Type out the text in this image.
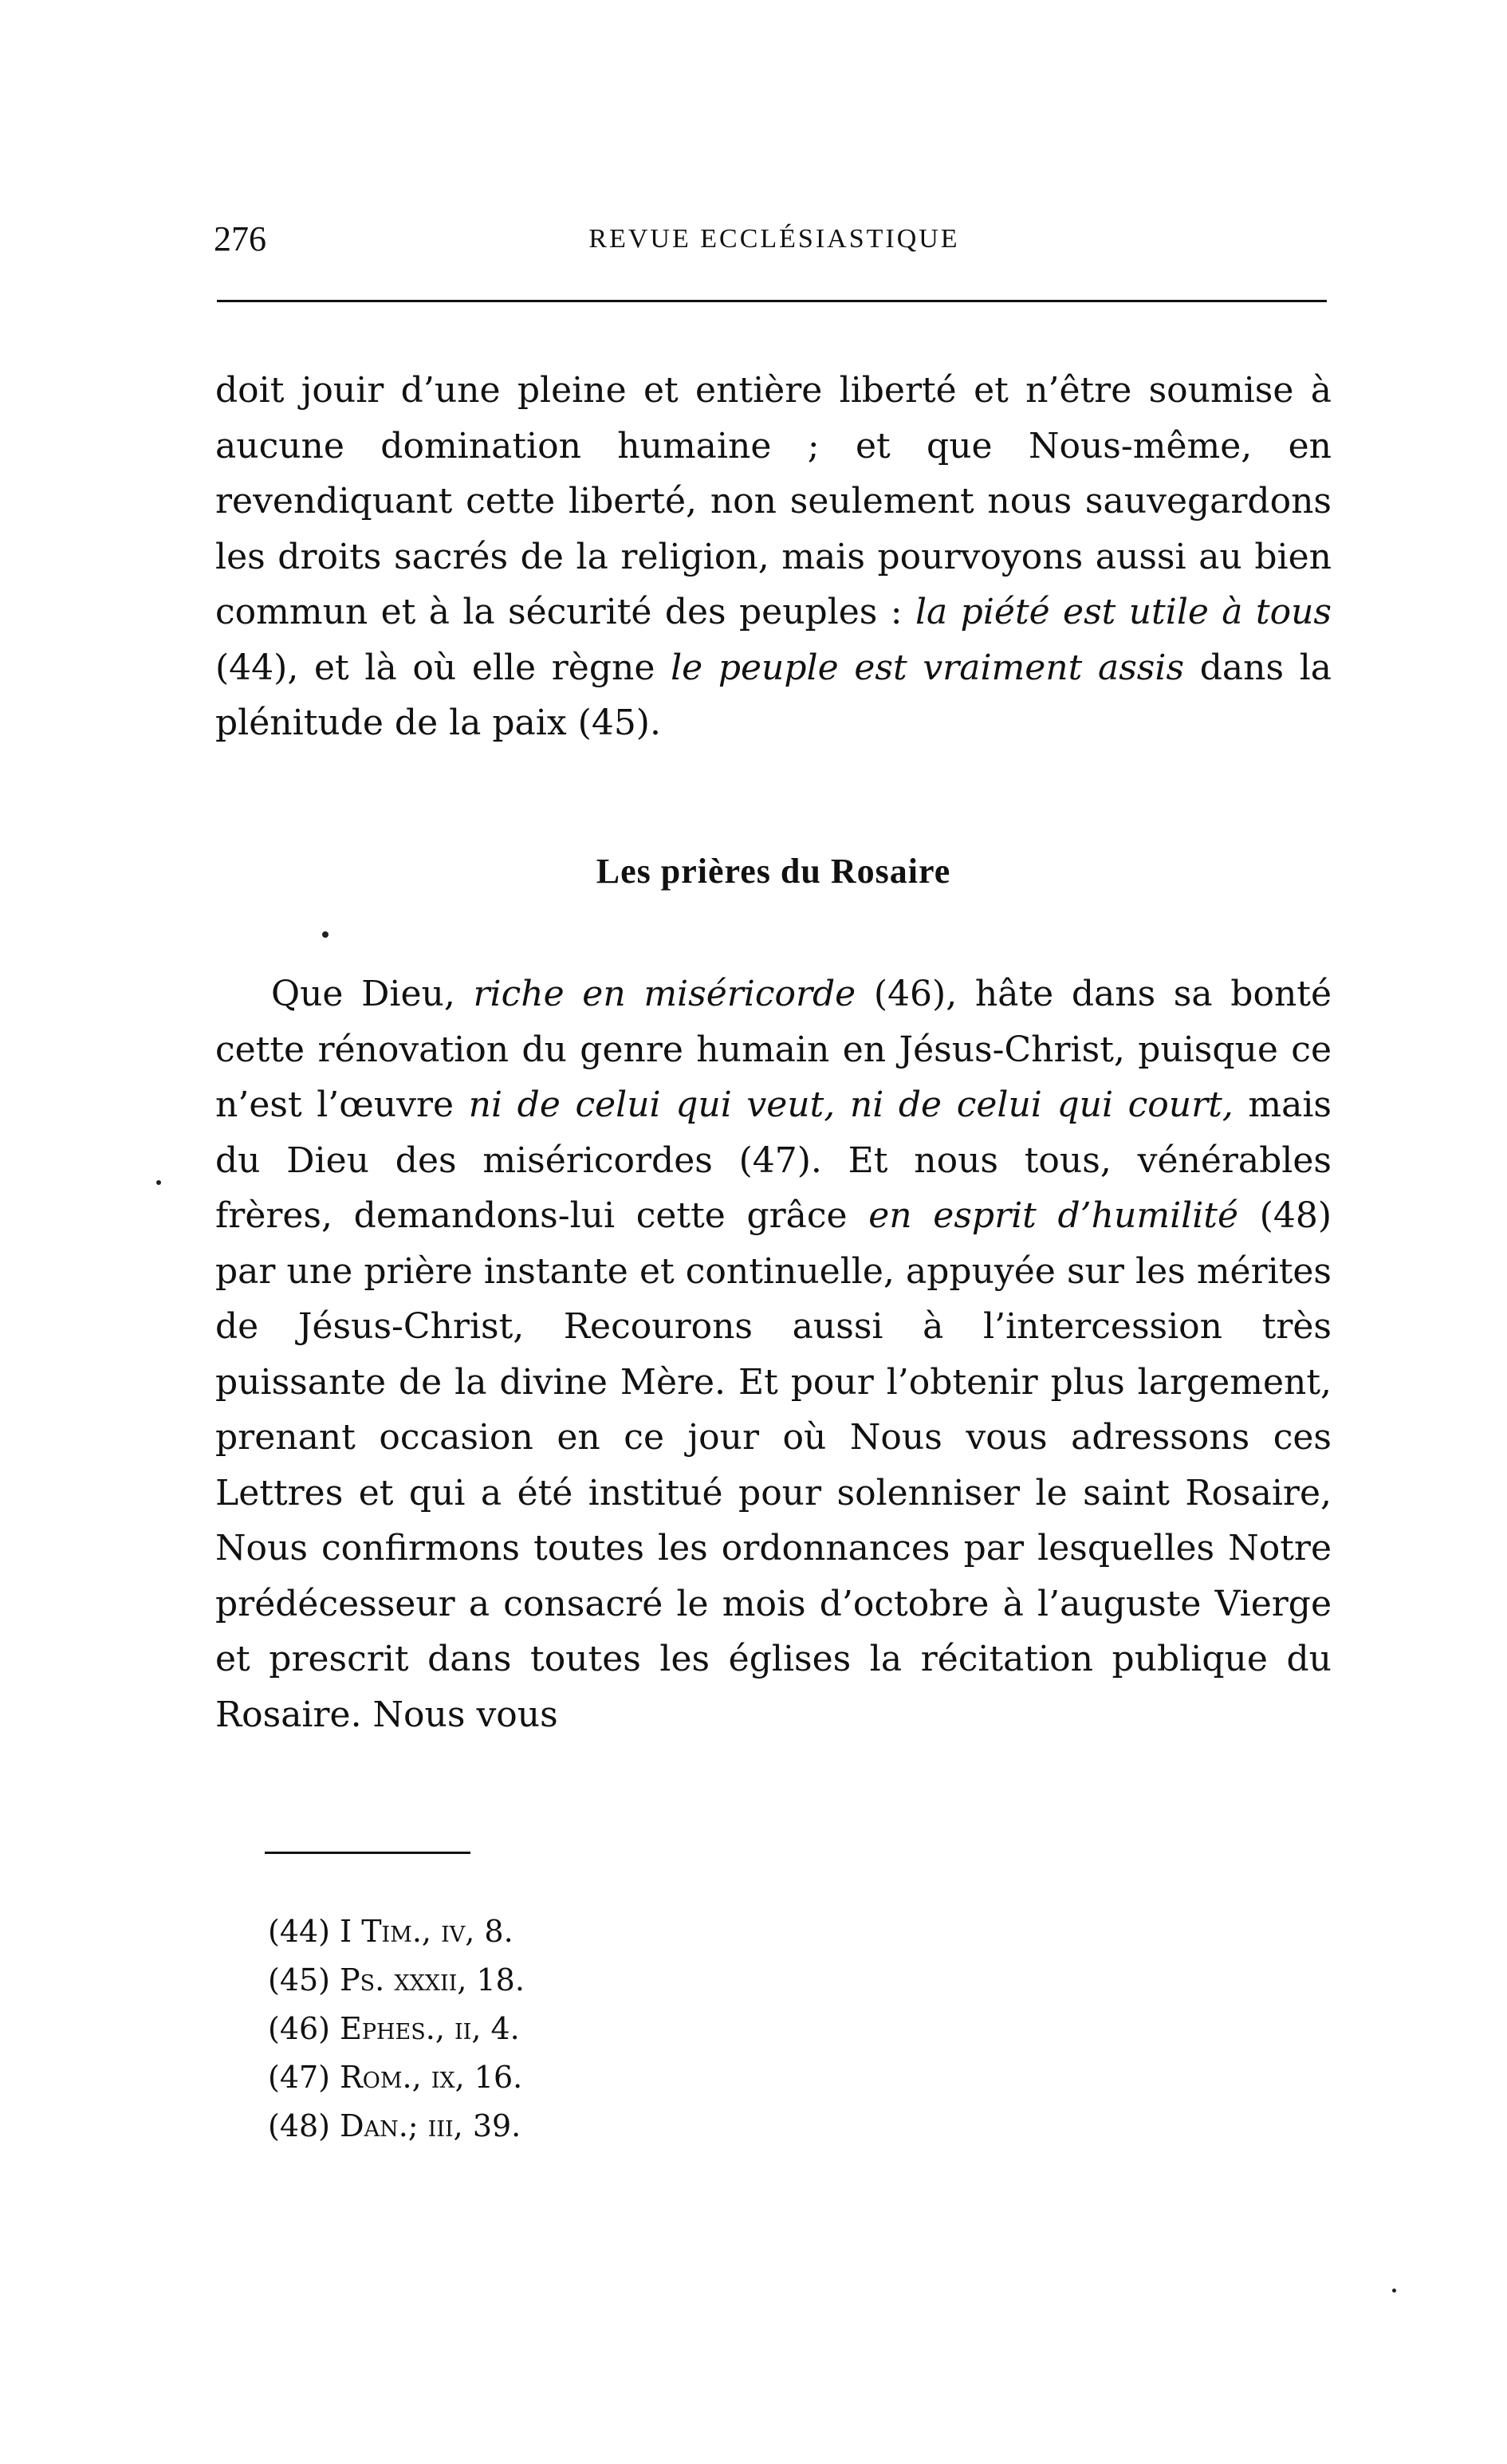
276	REVUE ECCLÉSIASTIQUE

doit jouir d’une pleine et entière liberté et n’être soumise à aucune domination humaine ; et que Nous-même, en revendiquant cette liberté, non seulement nous sauvegardons les droits sacrés de la religion, mais pourvoyons aussi au bien commun et à la sécurité des peuples : la piété est utile à tous (44), et là où elle règne le peuple est vraiment assis dans la plénitude de la paix (45).

Les prières du Rosaire

Que Dieu, riche en miséricorde (46), hâte dans sa bonté cette rénovation du genre humain en Jésus-Christ, puisque ce n’est l’œuvre ni de celui qui veut, ni de celui qui court, mais du Dieu des miséricordes (47). Et nous tous, vénérables frères, demandons-lui cette grâce en esprit d’humilité (48) par une prière instante et continuelle, appuyée sur les mérites de Jésus-Christ, Recourons aussi à l’intercession très puissante de la divine Mère. Et pour l’obtenir plus largement, prenant occasion en ce jour où Nous vous adressons ces Lettres et qui a été institué pour solenniser le saint Rosaire, Nous confirmons toutes les ordonnances par lesquelles Notre prédécesseur a consacré le mois d’octobre à l’auguste Vierge et prescrit dans toutes les églises la récitation publique du Rosaire. Nous vous

(44) I Tim., iv, 8.
(45) Ps. xxxii, 18.
(46) Ephes., ii, 4.
(47) Rom., ix, 16.
(48) Dan.; iii, 39.
